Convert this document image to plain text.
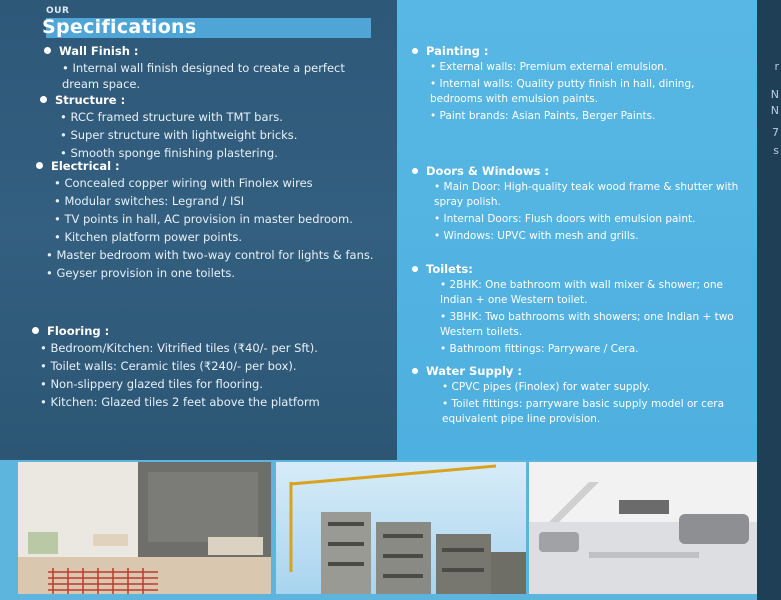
r
N
N
7
s
OUR
Specifications
Wall Finish :
• Internal wall finish designed to create a perfect dream space.
Structure :
• RCC framed structure with TMT bars.
• Super structure with lightweight bricks.
• Smooth sponge finishing plastering.
Electrical :
• Concealed copper wiring with Finolex wires
• Modular switches: Legrand / ISI
• TV points in hall, AC provision in master bedroom.
• Kitchen platform power points.
• Master bedroom with two-way control for lights & fans.
• Geyser provision in one toilets.
Flooring :
• Bedroom/Kitchen: Vitrified tiles (₹40/- per Sft).
• Toilet walls: Ceramic tiles (₹240/- per box).
• Non-slippery glazed tiles for flooring.
• Kitchen: Glazed tiles 2 feet above the platform
Painting :
• External walls: Premium external emulsion.
• Internal walls: Quality putty finish in hall, dining, bedrooms with emulsion paints.
• Paint brands: Asian Paints, Berger Paints.
Doors & Windows :
• Main Door: High-quality teak wood frame & shutter with spray polish.
• Internal Doors: Flush doors with emulsion paint.
• Windows: UPVC with mesh and grills.
Toilets:
• 2BHK: One bathroom with wall mixer & shower; one Indian + one Western toilet.
• 3BHK: Two bathrooms with showers; one Indian + two Western toilets.
• Bathroom fittings: Parryware / Cera.
Water Supply :
• CPVC pipes (Finolex) for water supply.
• Toilet fittings: parryware basic supply model or cera equivalent pipe line provision.
